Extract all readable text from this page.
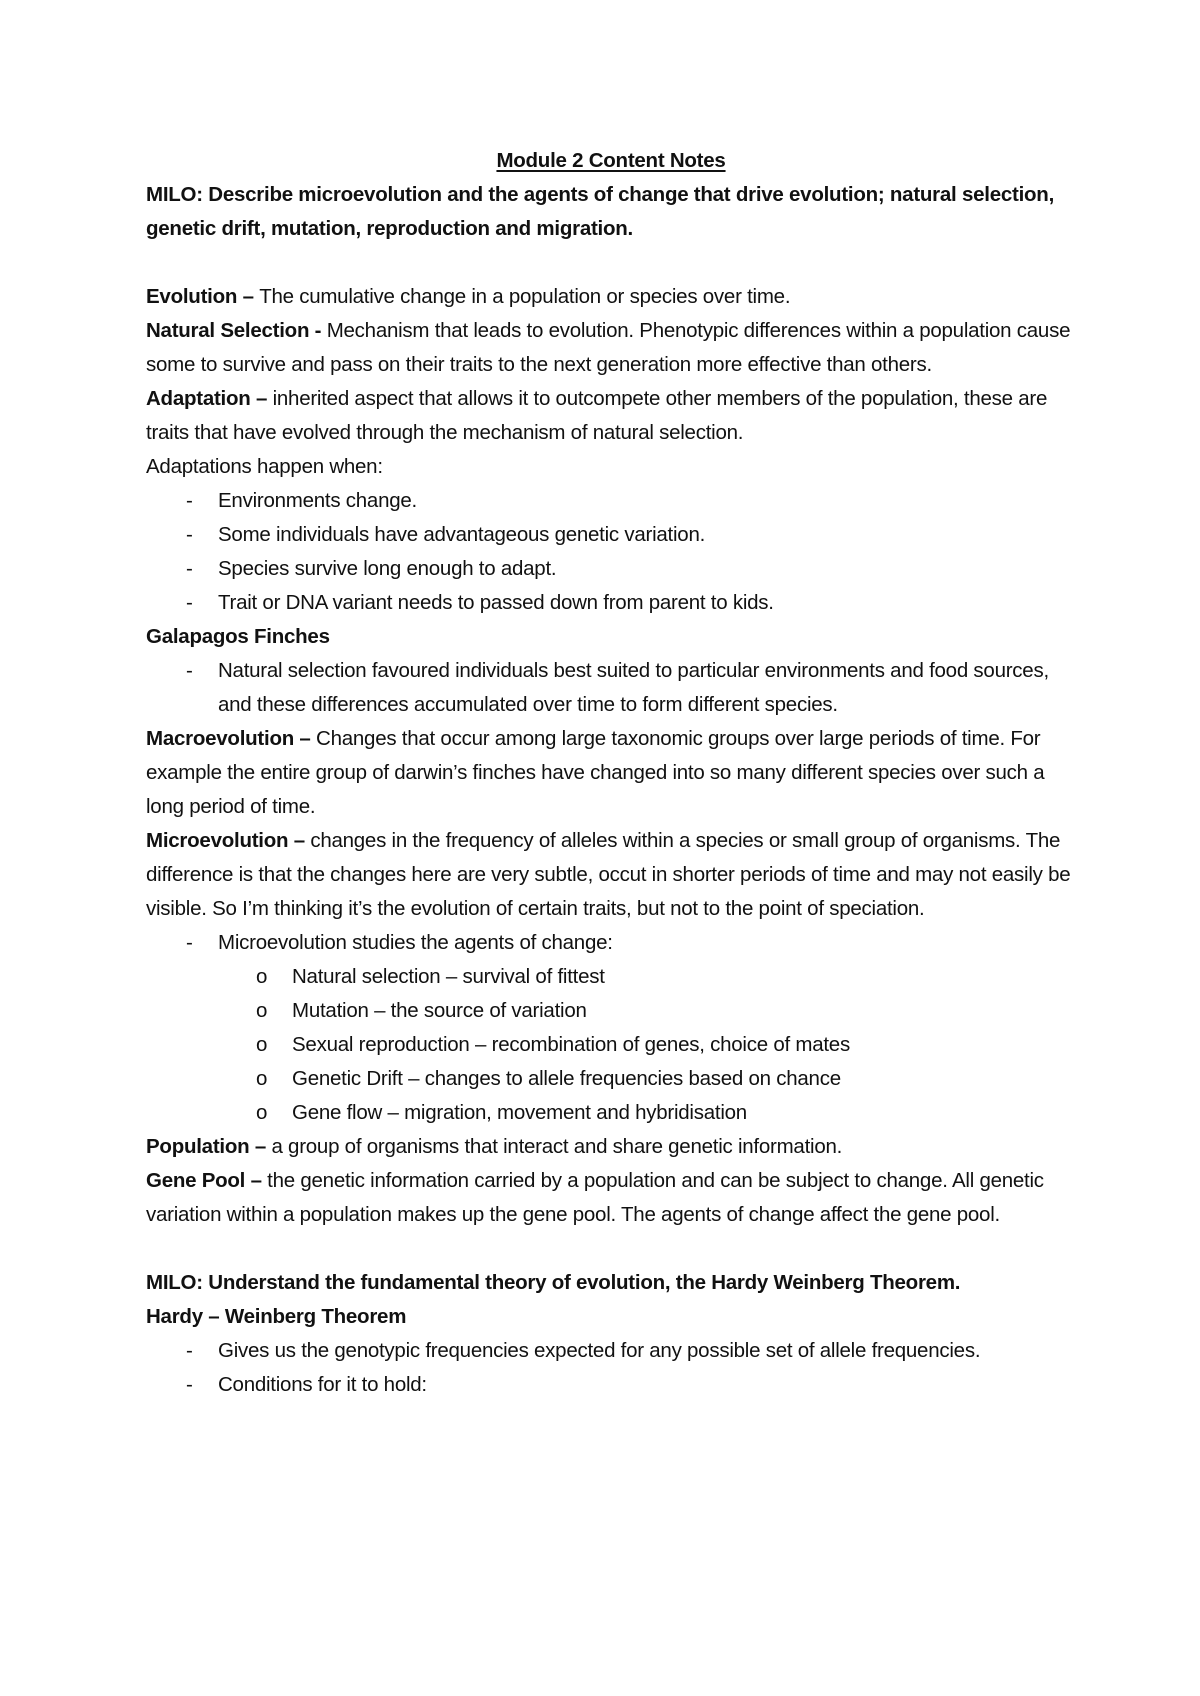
Module 2 Content Notes

MILO: Describe microevolution and the agents of change that drive evolution; natural selection, genetic drift, mutation, reproduction and migration.

Evolution – The cumulative change in a population or species over time.

Natural Selection - Mechanism that leads to evolution. Phenotypic differences within a population cause some to survive and pass on their traits to the next generation more effective than others.

Adaptation – inherited aspect that allows it to outcompete other members of the population, these are traits that have evolved through the mechanism of natural selection.

Adaptations happen when:

- Environments change.
- Some individuals have advantageous genetic variation.
- Species survive long enough to adapt.
- Trait or DNA variant needs to passed down from parent to kids.

Galapagos Finches

- Natural selection favoured individuals best suited to particular environments and food sources, and these differences accumulated over time to form different species.

Macroevolution – Changes that occur among large taxonomic groups over large periods of time. For example the entire group of darwin’s finches have changed into so many different species over such a long period of time.

Microevolution – changes in the frequency of alleles within a species or small group of organisms. The difference is that the changes here are very subtle, occut in shorter periods of time and may not easily be visible. So I’m thinking it’s the evolution of certain traits, but not to the point of speciation.

- Microevolution studies the agents of change:
o Natural selection – survival of fittest
o Mutation – the source of variation
o Sexual reproduction – recombination of genes, choice of mates
o Genetic Drift – changes to allele frequencies based on chance
o Gene flow – migration, movement and hybridisation

Population – a group of organisms that interact and share genetic information.

Gene Pool – the genetic information carried by a population and can be subject to change. All genetic variation within a population makes up the gene pool. The agents of change affect the gene pool.

MILO: Understand the fundamental theory of evolution, the Hardy Weinberg Theorem.

Hardy – Weinberg Theorem

- Gives us the genotypic frequencies expected for any possible set of allele frequencies.
- Conditions for it to hold:
